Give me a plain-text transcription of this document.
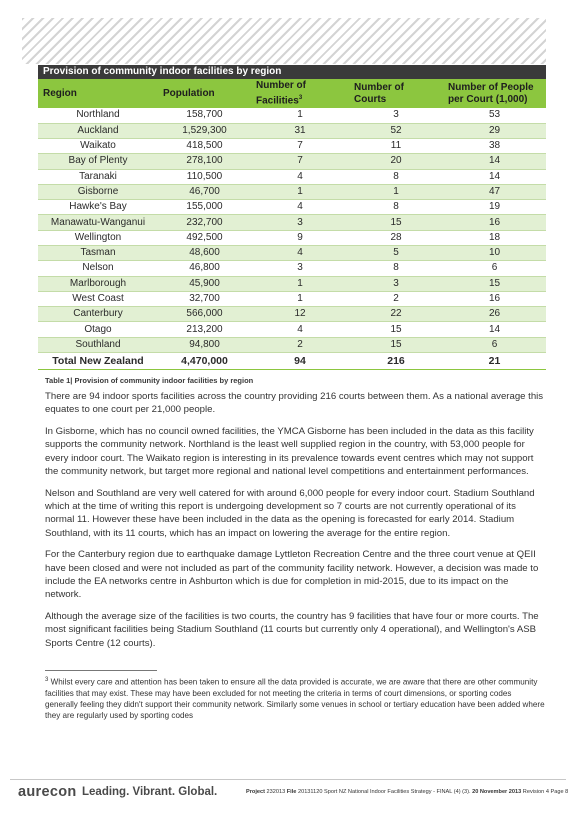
Provision of community indoor facilities by region
Region	Population	Number of Facilities$^3$	Number of Courts	Number of People per Court (1,000)
Northland	158,700	1	3	53
Auckland	1,529,300	31	52	29
Waikato	418,500	7	11	38
Bay of Plenty	278,100	7	20	14
Taranaki	110,500	4	8	14
Gisborne	46,700	1	1	47
Hawke's Bay	155,000	4	8	19
Manawatu-Wanganui	232,700	3	15	16
Wellington	492,500	9	28	18
Tasman	48,600	4	5	10
Nelson	46,800	3	8	6
Marlborough	45,900	1	3	15
West Coast	32,700	1	2	16
Canterbury	566,000	12	22	26
Otago	213,200	4	15	14
Southland	94,800	2	15	6
Total New Zealand	4,470,000	94	216	21
Table 1| Provision of community indoor facilities by region

There are 94 indoor sports facilities across the country providing 216 courts between them. As a national average this equates to one court per 21,000 people.

In Gisborne, which has no council owned facilities, the YMCA Gisborne has been included in the data as this facility supports the community network. Northland is the least well supplied region in the country, with 53,000 people for every indoor court. The Waikato region is interesting in its prevalence towards event centres which may not support the community network, but target more regional and national level competitions and entertainment performances.

Nelson and Southland are very well catered for with around 6,000 people for every indoor court. Stadium Southland which at the time of writing this report is undergoing development so 7 courts are not currently operational of its normal 11. However these have been included in the data as the opening is forecasted for early 2014. Stadium Southland, with its 11 courts, which has an impact on lowering the average for the entire region.

For the Canterbury region due to earthquake damage Lyttleton Recreation Centre and the three court venue at QEII have been closed and were not included as part of the community facility network. However, a decision was made to include the EA networks centre in Ashburton which is due for completion in mid-2015, due to its impact on the network.

Although the average size of the facilities is two courts, the country has 9 facilities that have four or more courts. The most significant facilities being Stadium Southland (11 courts but currently only 4 operational), and Wellington's ASB Sports Centre (12 courts).

$^3$ Whilst every care and attention has been taken to ensure all the data provided is accurate, we are aware that there are other community facilities that may exist. These may have been excluded for not meeting the criteria in terms of court dimensions, or sporting codes generally feeling they didn't support their community network. Similarly some venues in school or tertiary education have been added where they are regularly used by sporting codes
aurecon Leading. Vibrant. Global.	Project 232013 File 20131120 Sport NZ National Indoor Facilities Strategy - FINAL (4) (3). 20 November 2013 Revision 4 Page 8
